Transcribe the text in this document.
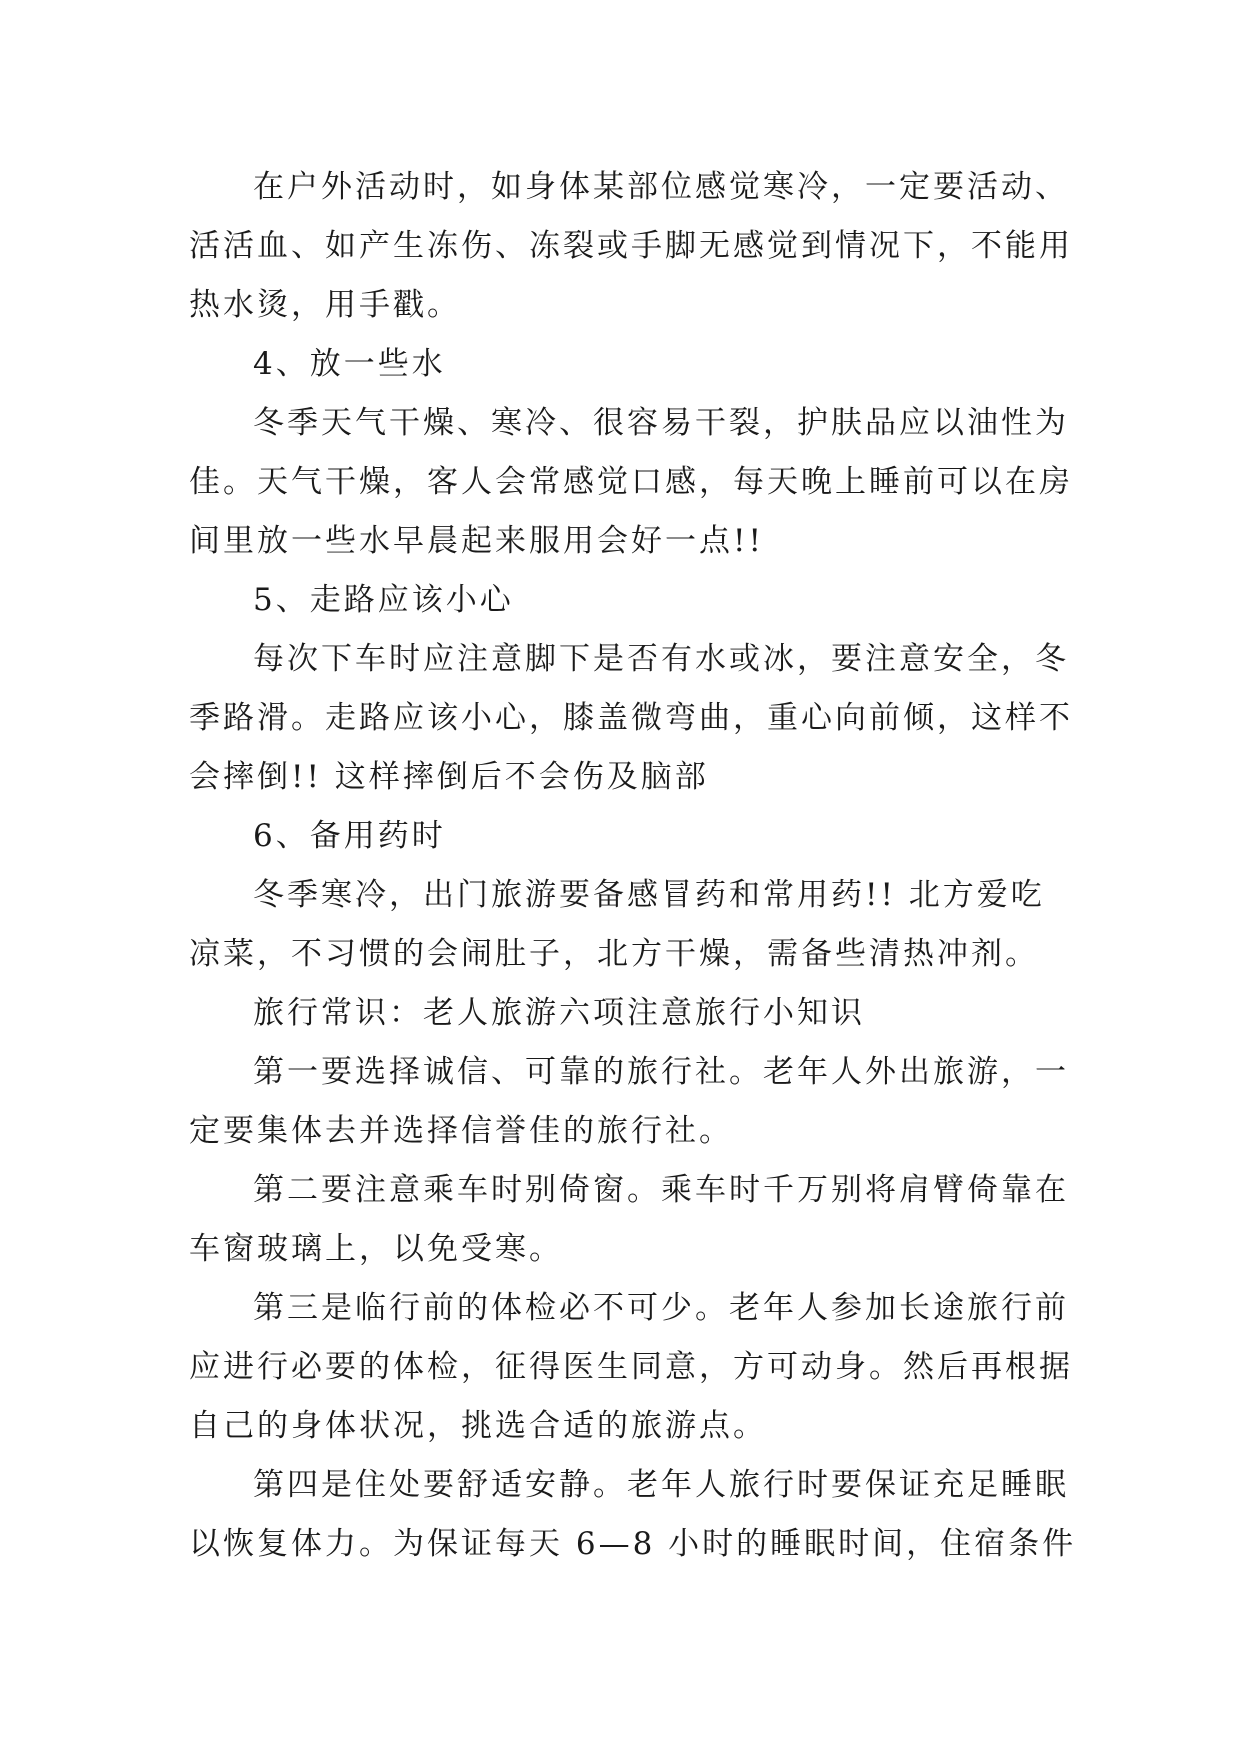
在户外活动时，如身体某部位感觉寒冷，一定要活动、
活活血、如产生冻伤、冻裂或手脚无感觉到情况下，不能用
热水烫，用手戳。
4、放一些水
冬季天气干燥、寒冷、很容易干裂，护肤品应以油性为
佳。天气干燥，客人会常感觉口感，每天晚上睡前可以在房
间里放一些水早晨起来服用会好一点!!
5、走路应该小心
每次下车时应注意脚下是否有水或冰，要注意安全，冬
季路滑。走路应该小心，膝盖微弯曲，重心向前倾，这样不
会摔倒!! 这样摔倒后不会伤及脑部
6、备用药时
冬季寒冷，出门旅游要备感冒药和常用药!! 北方爱吃
凉菜，不习惯的会闹肚子，北方干燥，需备些清热冲剂。
旅行常识：老人旅游六项注意旅行小知识
第一要选择诚信、可靠的旅行社。老年人外出旅游，一
定要集体去并选择信誉佳的旅行社。
第二要注意乘车时别倚窗。乘车时千万别将肩臂倚靠在
车窗玻璃上，以免受寒。
第三是临行前的体检必不可少。老年人参加长途旅行前
应进行必要的体检，征得医生同意，方可动身。然后再根据
自己的身体状况，挑选合适的旅游点。
第四是住处要舒适安静。老年人旅行时要保证充足睡眠
以恢复体力。为保证每天 6—8 小时的睡眠时间，住宿条件
